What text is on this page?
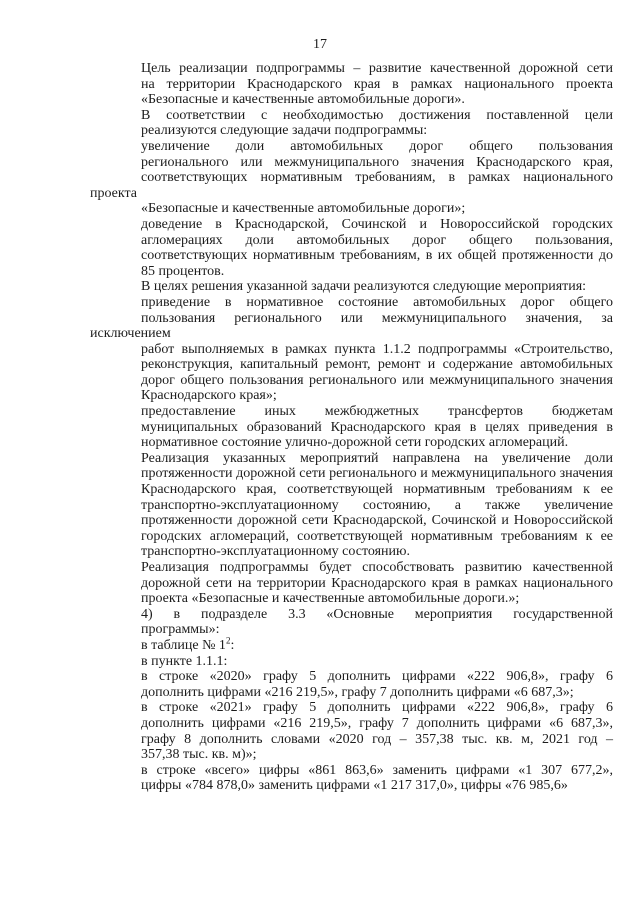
17
Цель реализации подпрограммы – развитие качественной дорожной сети
на территории Краснодарского края в рамках национального проекта
«Безопасные и качественные автомобильные дороги».
В соответствии с необходимостью достижения поставленной цели
реализуются следующие задачи подпрограммы:
увеличение доли автомобильных дорог общего пользования
регионального или межмуниципального значения Краснодарского края,
соответствующих нормативным требованиям, в рамках национального проекта
«Безопасные и качественные автомобильные дороги»;
доведение в Краснодарской, Сочинской и Новороссийской городских
агломерациях доли автомобильных дорог общего пользования,
соответствующих нормативным требованиям, в их общей протяженности до
85 процентов.
В целях решения указанной задачи реализуются следующие мероприятия:
приведение в нормативное состояние автомобильных дорог общего
пользования регионального или межмуниципального значения, за исключением
работ выполняемых в рамках пункта 1.1.2 подпрограммы «Строительство,
реконструкция, капитальный ремонт, ремонт и содержание автомобильных
дорог общего пользования регионального или межмуниципального значения
Краснодарского края»;
предоставление иных межбюджетных трансфертов бюджетам
муниципальных образований Краснодарского края в целях приведения в
нормативное состояние улично-дорожной сети городских агломераций.
Реализация указанных мероприятий направлена на увеличение доли
протяженности дорожной сети регионального и межмуниципального значения
Краснодарского края, соответствующей нормативным требованиям к ее
транспортно-эксплуатационному состоянию, а также увеличение
протяженности дорожной сети Краснодарской, Сочинской и Новороссийской
городских агломераций, соответствующей нормативным требованиям к ее
транспортно-эксплуатационному состоянию.
Реализация подпрограммы будет способствовать развитию качественной
дорожной сети на территории Краснодарского края в рамках национального
проекта «Безопасные и качественные автомобильные дороги.»;
4) в подразделе 3.3 «Основные мероприятия государственной
программы»:
в таблице № $1^2$:
в пункте 1.1.1:
в строке «2020» графу 5 дополнить цифрами «222 906,8», графу 6
дополнить цифрами «216 219,5», графу 7 дополнить цифрами «6 687,3»;
в строке «2021» графу 5 дополнить цифрами «222 906,8», графу 6
дополнить цифрами «216 219,5», графу 7 дополнить цифрами «6 687,3»,
графу 8 дополнить словами «2020 год – 357,38 тыс. кв. м, 2021 год –
357,38 тыс. кв. м)»;
в строке «всего» цифры «861 863,6» заменить цифрами «1 307 677,2»,
цифры «784 878,0» заменить цифрами «1 217 317,0», цифры «76 985,6»
